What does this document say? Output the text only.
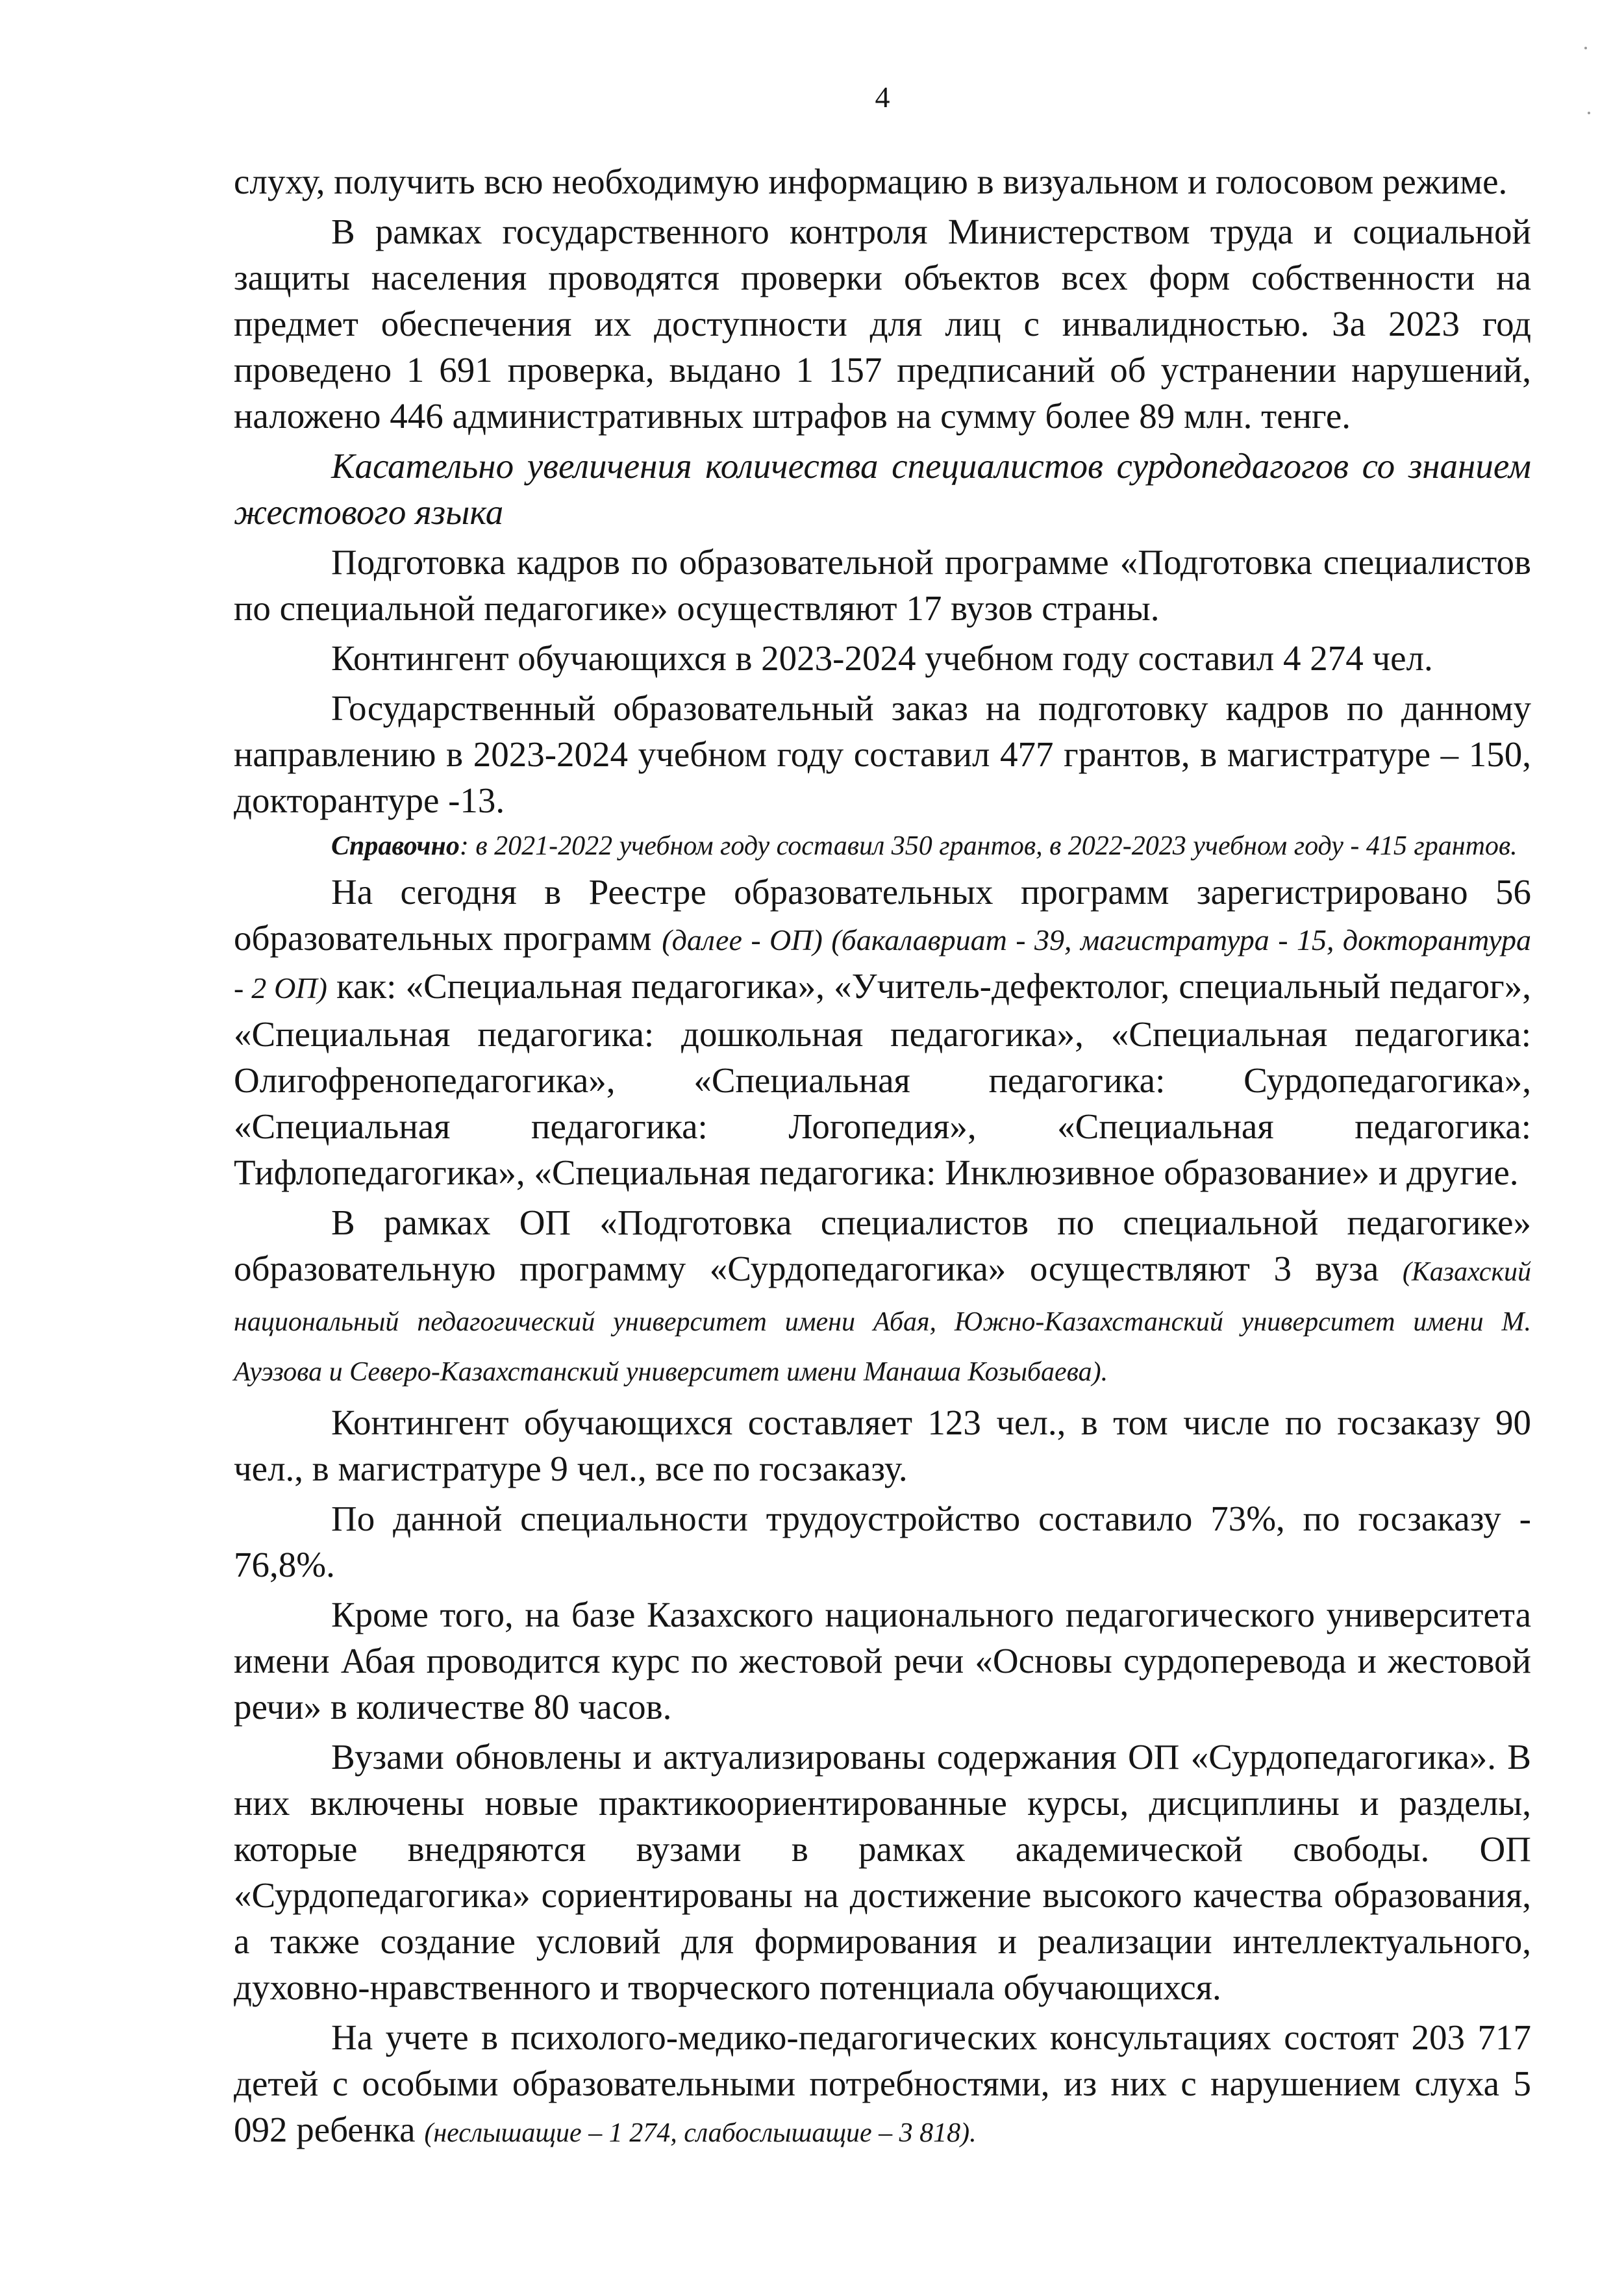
4

слуху, получить всю необходимую информацию в визуальном и голосовом режиме.

В рамках государственного контроля Министерством труда и социальной защиты населения проводятся проверки объектов всех форм собственности на предмет обеспечения их доступности для лиц с инвалидностью. За 2023 год проведено 1 691 проверка, выдано 1 157 предписаний об устранении нарушений, наложено 446 административных штрафов на сумму более 89 млн. тенге.

Касательно увеличения количества специалистов сурдопедагогов со знанием жестового языка

Подготовка кадров по образовательной программе «Подготовка специалистов по специальной педагогике» осуществляют 17 вузов страны.

Контингент обучающихся в 2023-2024 учебном году составил 4 274 чел.

Государственный образовательный заказ на подготовку кадров по данному направлению в 2023-2024 учебном году составил 477 грантов, в магистратуре – 150, докторантуре -13.

Справочно: в 2021-2022 учебном году составил 350 грантов, в 2022-2023 учебном году - 415 грантов.

На сегодня в Реестре образовательных программ зарегистрировано 56 образовательных программ (далее - ОП) (бакалавриат - 39, магистратура - 15, докторантура - 2 ОП) как: «Специальная педагогика», «Учитель-дефектолог, специальный педагог», «Специальная педагогика: дошкольная педагогика», «Специальная педагогика: Олигофренопедагогика», «Специальная педагогика: Сурдопедагогика», «Специальная педагогика: Логопедия», «Специальная педагогика: Тифлопедагогика», «Специальная педагогика: Инклюзивное образование» и другие.

В рамках ОП «Подготовка специалистов по специальной педагогике» образовательную программу «Сурдопедагогика» осуществляют 3 вуза (Казахский национальный педагогический университет имени Абая, Южно-Казахстанский университет имени М. Ауэзова и Северо-Казахстанский университет имени Манаша Козыбаева).

Контингент обучающихся составляет 123 чел., в том числе по госзаказу 90 чел., в магистратуре 9 чел., все по госзаказу.

По данной специальности трудоустройство составило 73%, по госзаказу - 76,8%.

Кроме того, на базе Казахского национального педагогического университета имени Абая проводится курс по жестовой речи «Основы сурдоперевода и жестовой речи» в количестве 80 часов.

Вузами обновлены и актуализированы содержания ОП «Сурдопедагогика». В них включены новые практикоориентированные курсы, дисциплины и разделы, которые внедряются вузами в рамках академической свободы. ОП «Сурдопедагогика» сориентированы на достижение высокого качества образования, а также создание условий для формирования и реализации интеллектуального, духовно-нравственного и творческого потенциала обучающихся.

На учете в психолого-медико-педагогических консультациях состоят 203 717 детей с особыми образовательными потребностями, из них с нарушением слуха 5 092 ребенка (неслышащие – 1 274, слабослышащие – 3 818).
